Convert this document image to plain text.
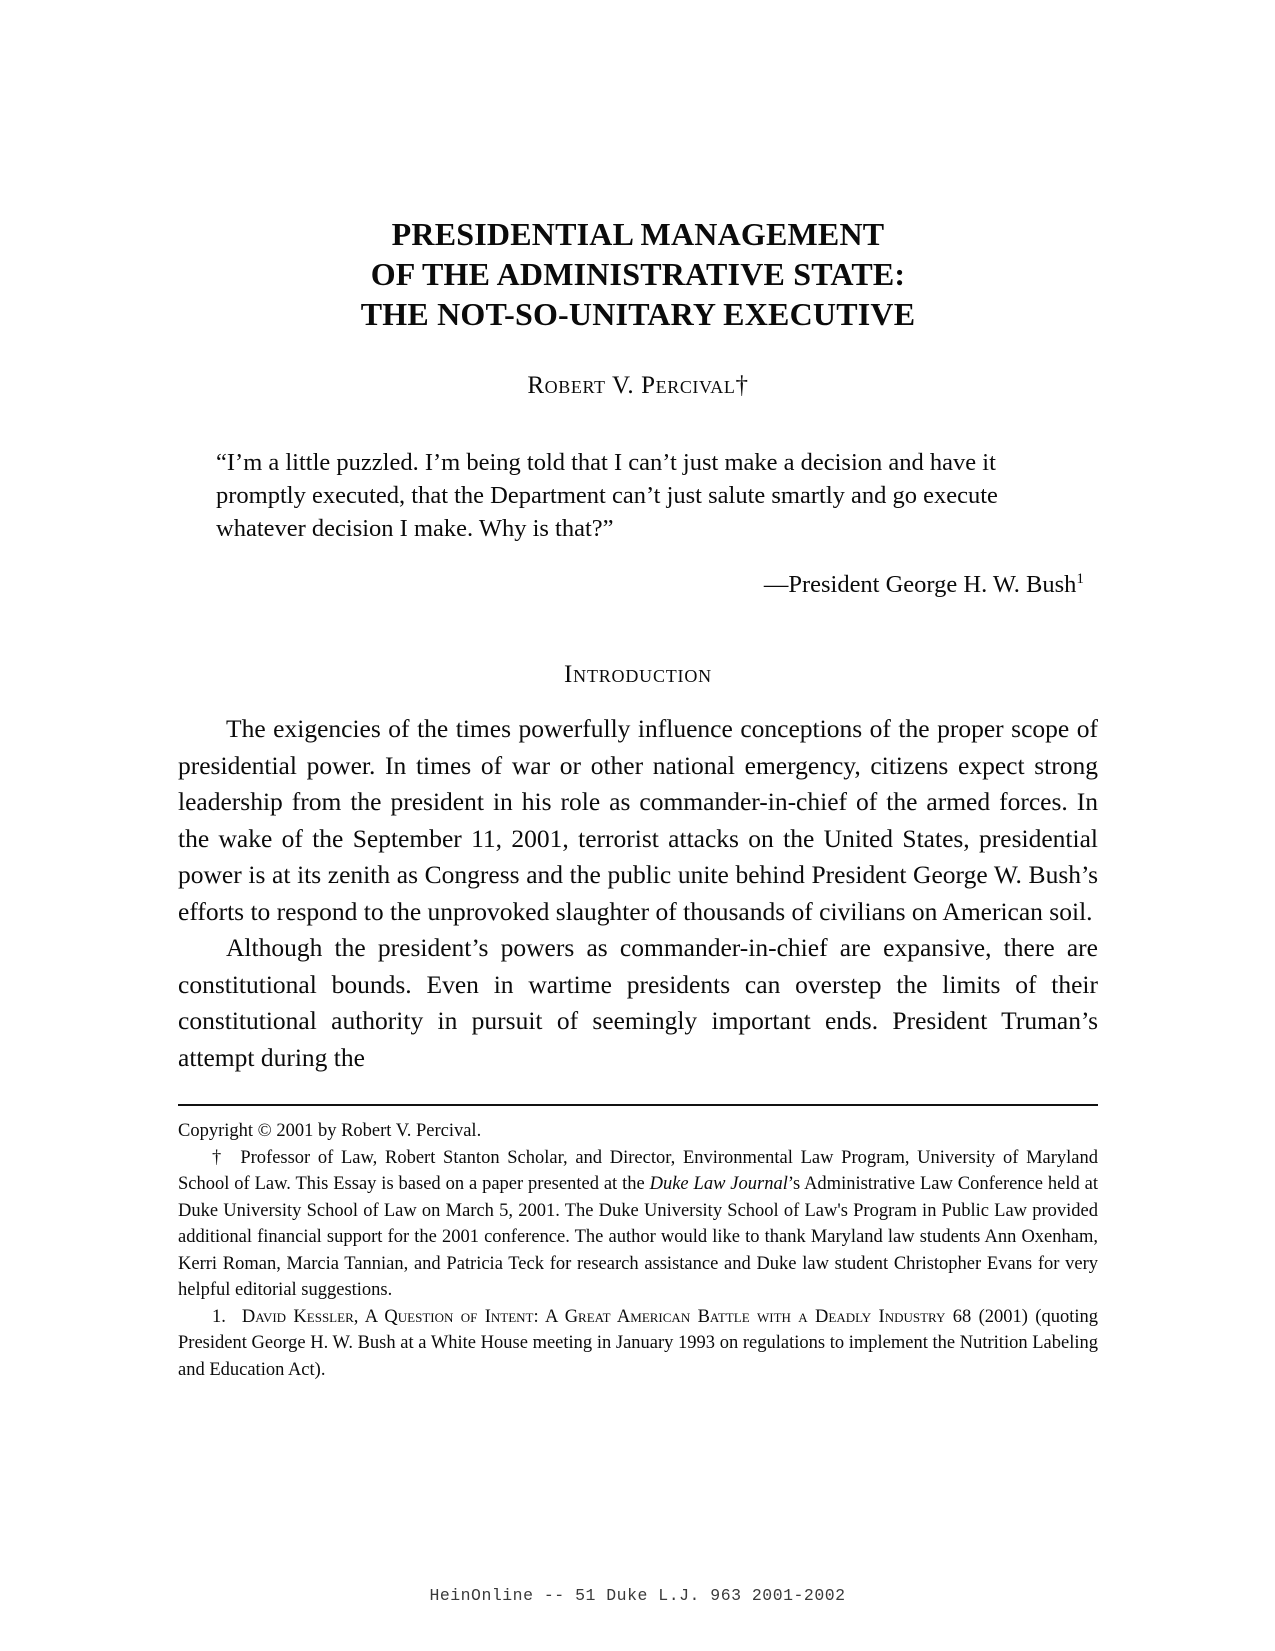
PRESIDENTIAL MANAGEMENT
OF THE ADMINISTRATIVE STATE:
THE NOT-SO-UNITARY EXECUTIVE
Robert V. Percival†
“I’m a little puzzled. I’m being told that I can’t just make a decision and have it promptly executed, that the Department can’t just salute smartly and go execute whatever decision I make. Why is that?”
—President George H. W. Bush$^1$
Introduction

The exigencies of the times powerfully influence conceptions of the proper scope of presidential power. In times of war or other national emergency, citizens expect strong leadership from the president in his role as commander-in-chief of the armed forces. In the wake of the September 11, 2001, terrorist attacks on the United States, presidential power is at its zenith as Congress and the public unite behind President George W. Bush’s efforts to respond to the unprovoked slaughter of thousands of civilians on American soil.

Although the president’s powers as commander-in-chief are expansive, there are constitutional bounds. Even in wartime presidents can overstep the limits of their constitutional authority in pursuit of seemingly important ends. President Truman’s attempt during the

Copyright © 2001 by Robert V. Percival.

† Professor of Law, Robert Stanton Scholar, and Director, Environmental Law Program, University of Maryland School of Law. This Essay is based on a paper presented at the Duke Law Journal’s Administrative Law Conference held at Duke University School of Law on March 5, 2001. The Duke University School of Law's Program in Public Law provided additional financial support for the 2001 conference. The author would like to thank Maryland law students Ann Oxenham, Kerri Roman, Marcia Tannian, and Patricia Teck for research assistance and Duke law student Christopher Evans for very helpful editorial suggestions.

1. David Kessler, A Question of Intent: A Great American Battle with a Deadly Industry 68 (2001) (quoting President George H. W. Bush at a White House meeting in January 1993 on regulations to implement the Nutrition Labeling and Education Act).

HeinOnline -- 51 Duke L.J. 963 2001-2002
